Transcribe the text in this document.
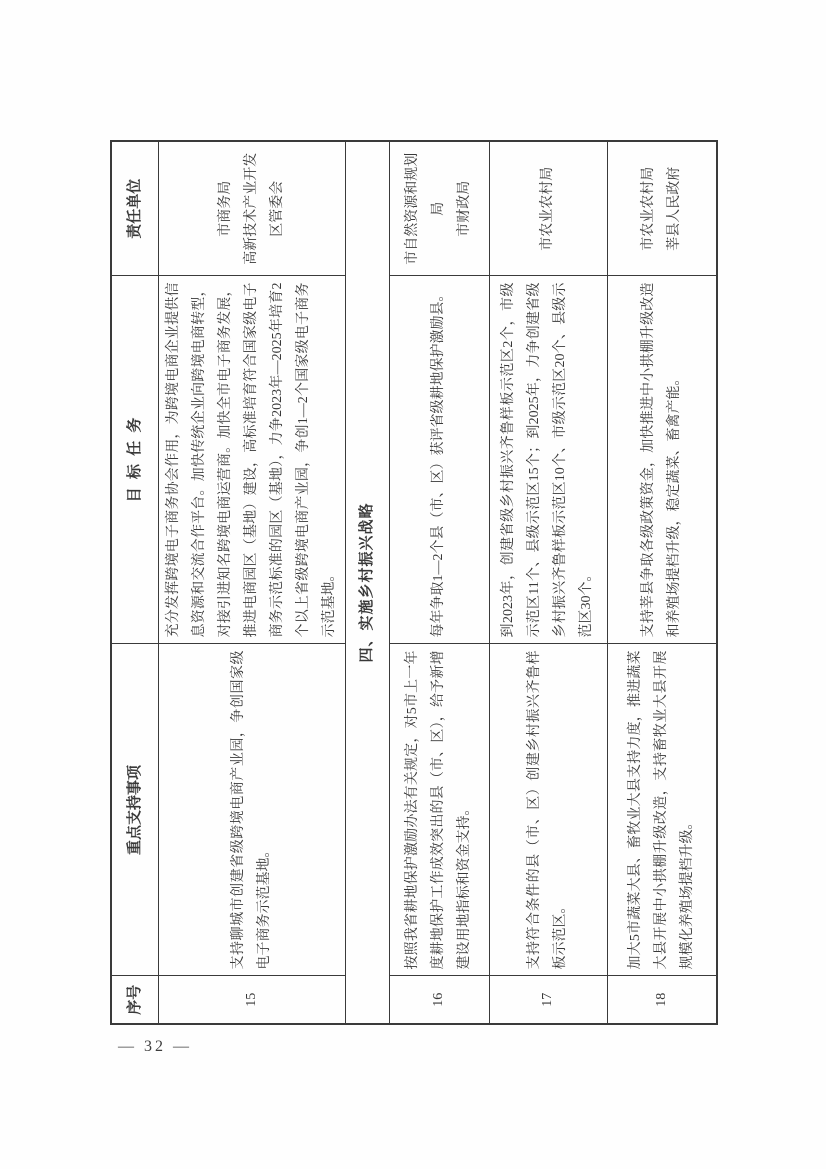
序号	重点支持事项	目标任务	责任单位
15	支持聊城市创建省级跨境电商产业园，争创国家级电子商务示范基地。	充分发挥跨境电子商务协会作用，为跨境电商企业提供信息资源和交流合作平台。加快传统企业向跨境电商转型，对接引进知名跨境电商运营商。加快全市电子商务发展，推进电商园区（基地）建设，高标准培育符合国家级电子商务示范标准的园区（基地），力争2023年—2025年培育2个以上省级跨境电商产业园，争创1—2个国家级电子商务示范基地。	市商务局 高新技术产业开发区管委会

四、实施乡村振兴战略			
16	按照我省耕地保护激励办法有关规定，对5市上一年度耕地保护工作成效突出的县（市、区），给予新增建设用地指标和资金支持。	每年争取1—2个县（市、区）获评省级耕地保护激励县。	市自然资源和规划局 市财政局

17	支持符合条件的县（市、区）创建乡村振兴齐鲁样板示范区。	到2023年，创建省级乡村振兴齐鲁样板示范区2个，市级示范区11个、县级示范区15个；到2025年，力争创建省级乡村振兴齐鲁样板示范区10个、市级示范区20个、县级示范区30个。	市农业农村局

18	加大5市蔬菜大县、畜牧业大县支持力度，推进蔬菜大县开展中小拱棚升级改造，支持畜牧业大县开展规模化养殖场提档升级。	支持莘县争取各级政策资金，加快推进中小拱棚升级改造和养殖场提档升级，稳定蔬菜、畜禽产能。	市农业农村局 莘县人民政府
— 32 —
